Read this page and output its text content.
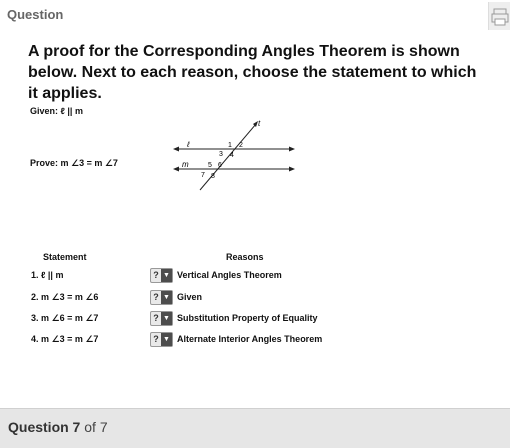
Question
A proof for the Corresponding Angles Theorem is shown below. Next to each reason, choose the statement to which it applies.
Given: ℓ || m
Prove: m ∠3 = m ∠7
ℓ
m
t
1 2
3 4
5 6
7 8
Statement	Reasons
1. ℓ || m	? ▼ Vertical Angles Theorem
2. m ∠3 = m ∠6	? ▼ Given
3. m ∠6 = m ∠7	? ▼ Substitution Property of Equality
4. m ∠3 = m ∠7	? ▼ Alternate Interior Angles Theorem
Question 7 of 7
